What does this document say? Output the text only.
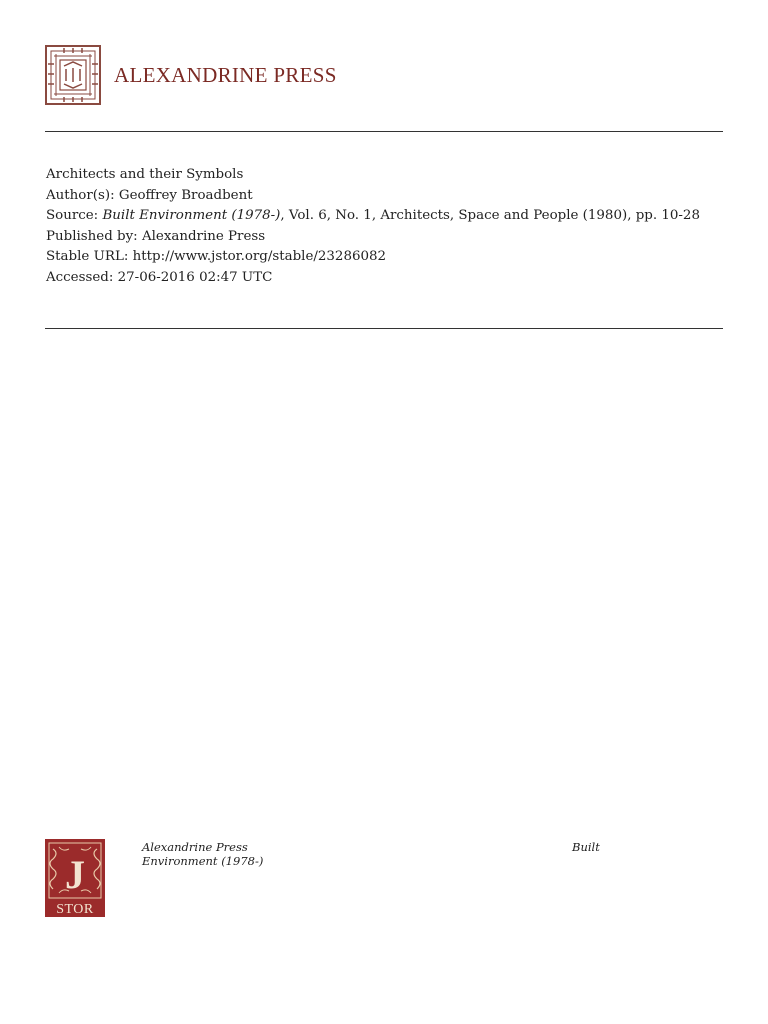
ALEXANDRINE PRESS
Architects and their Symbols
Author(s): Geoffrey Broadbent
Source: Built Environment (1978-), Vol. 6, No. 1, Architects, Space and People (1980), pp. 10-28
Published by: Alexandrine Press
Stable URL: http://www.jstor.org/stable/23286082
Accessed: 27-06-2016 02:47 UTC
J
STOR
Alexandrine Press
Environment (1978-)
Built
